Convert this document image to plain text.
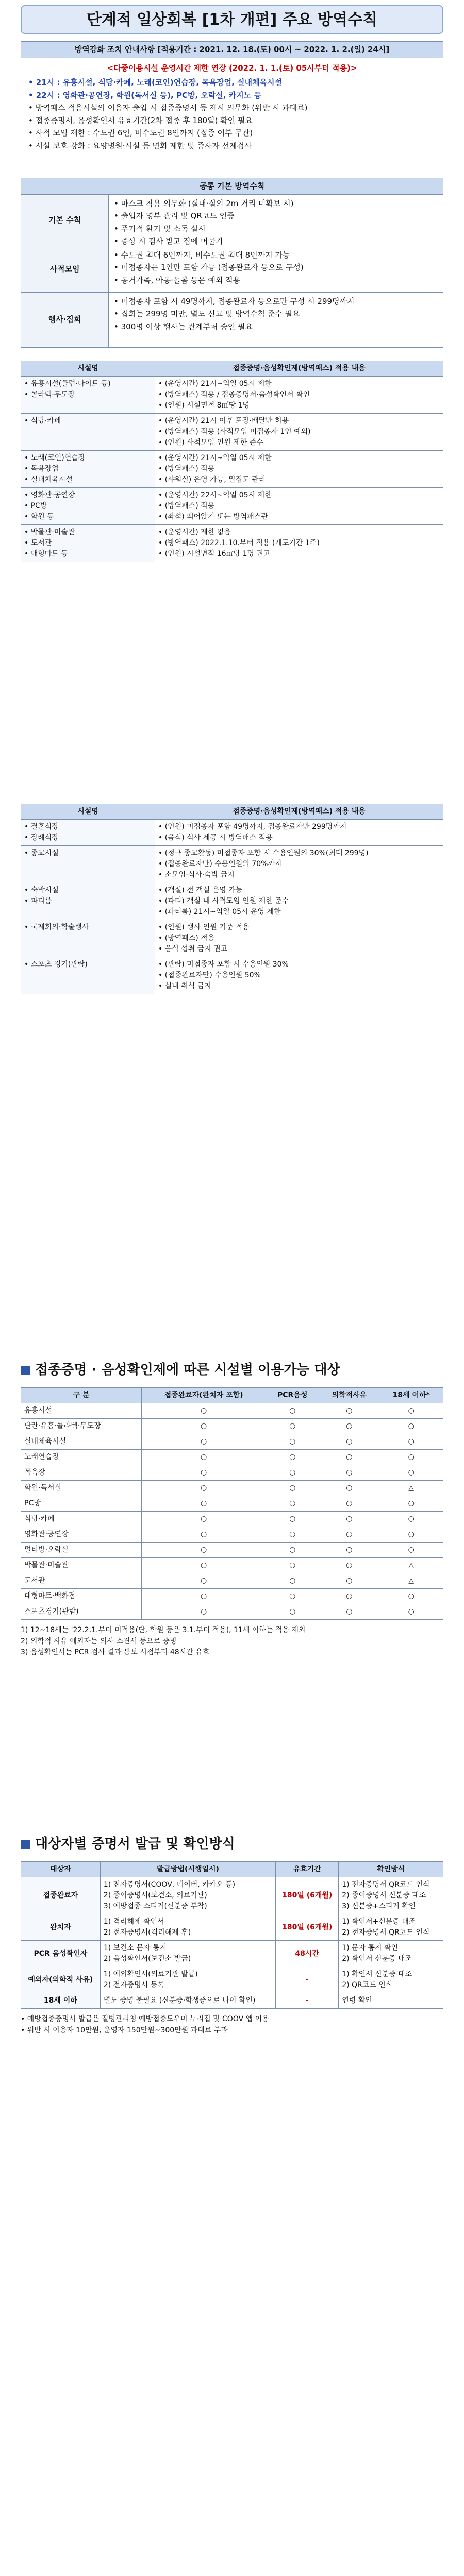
단계적 일상회복 [1차 개편] 주요 방역수칙
방역강화 조치 안내사항 [적용기간 : 2021. 12. 18.(토) 00시 ~ 2022. 1. 2.(일) 24시]
<다중이용시설 운영시간 제한 연장 (2022. 1. 1.(토) 05시부터 적용)>
• 21시 : 유흥시설, 식당·카페, 노래(코인)연습장, 목욕장업, 실내체육시설
• 22시 : 영화관·공연장, 학원(독서실 등), PC방, 오락실, 카지노 등
• 방역패스 적용시설의 이용자 출입 시 접종증명서 등 제시 의무화 (위반 시 과태료)
• 접종증명서, 음성확인서 유효기간(2차 접종 후 180일) 확인 필요
• 사적 모임 제한 : 수도권 6인, 비수도권 8인까지 (접종 여부 무관)
• 시설 보호 강화 : 요양병원·시설 등 면회 제한 및 종사자 선제검사
공통 기본 방역수칙
기본 수칙
• 마스크 착용 의무화 (실내·실외 2m 거리 미확보 시)
• 출입자 명부 관리 및 QR코드 인증
• 주기적 환기 및 소독 실시
• 증상 시 검사 받고 집에 머물기
사적모임
• 수도권 최대 6인까지, 비수도권 최대 8인까지 가능
• 미접종자는 1인만 포함 가능 (접종완료자 등으로 구성)
• 동거가족, 아동·돌봄 등은 예외 적용
행사·집회
• 미접종자 포함 시 49명까지, 접종완료자 등으로만 구성 시 299명까지
• 집회는 299명 미만, 별도 신고 및 방역수칙 준수 필요
• 300명 이상 행사는 관계부처 승인 필요
시설명	접종증명·음성확인제(방역패스) 적용 내용
• 유흥시설(클럽·나이트 등)
• 콜라텍·무도장	• (운영시간) 21시~익일 05시 제한
• (방역패스) 적용 / 접종증명서·음성확인서 확인
• (인원) 시설면적 8㎡당 1명
• 식당·카페	• (운영시간) 21시 이후 포장·배달만 허용
• (방역패스) 적용 (사적모임 미접종자 1인 예외)
• (인원) 사적모임 인원 제한 준수
• 노래(코인)연습장
• 목욕장업
• 실내체육시설	• (운영시간) 21시~익일 05시 제한
• (방역패스) 적용
• (샤워실) 운영 가능, 밀집도 관리
• 영화관·공연장
• PC방
• 학원 등	• (운영시간) 22시~익일 05시 제한
• (방역패스) 적용
• (좌석) 띄어앉기 또는 방역패스관
• 박물관·미술관
• 도서관
• 대형마트 등	• (운영시간) 제한 없음
• (방역패스) 2022.1.10.부터 적용 (계도기간 1주)
• (인원) 시설면적 16㎡당 1명 권고
시설명	접종증명·음성확인제(방역패스) 적용 내용
• 결혼식장
• 장례식장	• (인원) 미접종자 포함 49명까지, 접종완료자만 299명까지
• (음식) 식사 제공 시 방역패스 적용
• 종교시설	• (정규 종교활동) 미접종자 포함 시 수용인원의 30%(최대 299명)
• (접종완료자만) 수용인원의 70%까지
• 소모임·식사·숙박 금지
• 숙박시설
• 파티룸	• (객실) 전 객실 운영 가능
• (파티) 객실 내 사적모임 인원 제한 준수
• (파티룸) 21시~익일 05시 운영 제한
• 국제회의·학술행사	• (인원) 행사 인원 기준 적용
• (방역패스) 적용
• 음식 섭취 금지 권고
• 스포츠 경기(관람)	• (관람) 미접종자 포함 시 수용인원 30%
• (접종완료자만) 수용인원 50%
• 실내 취식 금지
접종증명 · 음성확인제에 따른 시설별 이용가능 대상
구 분	접종완료자(완치자 포함)	PCR음성	의학적사유	18세 이하*
유흥시설	○	○	○	○
단란·유흥·콜라텍·무도장	○	○	○	○
실내체육시설	○	○	○	○
노래연습장	○	○	○	○
목욕장	○	○	○	○
학원·독서실	○	○	○	△
PC방	○	○	○	○
식당·카페	○	○	○	○
영화관·공연장	○	○	○	○
멀티방·오락실	○	○	○	○
박물관·미술관	○	○	○	△
도서관	○	○	○	△
대형마트·백화점	○	○	○	○
스포츠경기(관람)	○	○	○	○
1) 12~18세는 '22.2.1.부터 미적용(단, 학원 등은 3.1.부터 적용), 11세 이하는 적용 제외
2) 의학적 사유 예외자는 의사 소견서 등으로 증빙
3) 음성확인서는 PCR 검사 결과 통보 시점부터 48시간 유효
대상자별 증명서 발급 및 확인방식
대상자	발급방법(시행일시)	유효기간	확인방식
접종완료자	1) 전자증명서(COOV, 네이버, 카카오 등)
2) 종이증명서(보건소, 의료기관)
3) 예방접종 스티커(신분증 부착)	180일 (6개월)	1) 전자증명서 QR코드 인식
2) 종이증명서 신분증 대조
3) 신분증+스티커 확인
완치자	1) 격리해제 확인서
2) 전자증명서(격리해제 후)	180일 (6개월)	1) 확인서+신분증 대조
2) 전자증명서 QR코드 인식
PCR 음성확인자	1) 보건소 문자 통지
2) 음성확인서(보건소 발급)	48시간	1) 문자 통지 확인
2) 확인서 신분증 대조
예외자(의학적 사유)	1) 예외확인서(의료기관 발급)
2) 전자증명서 등록	-	1) 확인서 신분증 대조
2) QR코드 인식
18세 이하	별도 증명 불필요 (신분증·학생증으로 나이 확인)	-	연령 확인
• 예방접종증명서 발급은 질병관리청 예방접종도우미 누리집 및 COOV 앱 이용
• 위반 시 이용자 10만원, 운영자 150만원~300만원 과태료 부과
